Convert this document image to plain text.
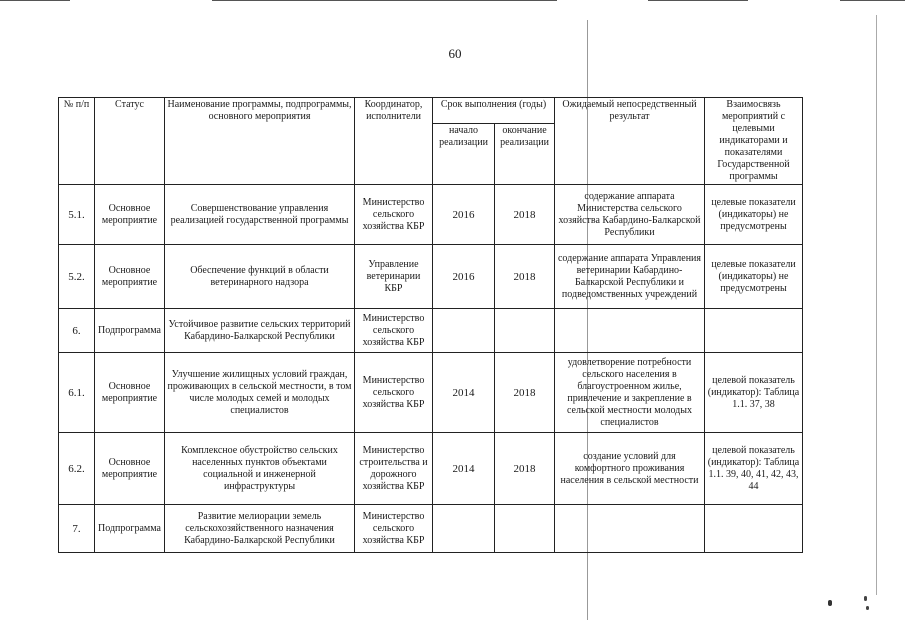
60
№ п/п	Статус	Наименование программы, подпрограммы, основного мероприятия	Координатор, исполнители	Срок выполнения (годы)		Ожидаемый непосредственный результат	Взаимосвязь мероприятий с целевыми индикаторами и показателями Государственной программы
				начало реализации	окончание реализации		
5.1.	Основное мероприятие	Совершенствование управления реализацией государственной программы	Министерство сельского хозяйства КБР	2016	2018	содержание аппарата Министерства сельского хозяйства Кабардино-Балкарской Республики	целевые показатели (индикаторы) не предусмотрены
5.2.	Основное мероприятие	Обеспечение функций в области ветеринарного надзора	Управление ветеринарии КБР	2016	2018	содержание аппарата Управления ветеринарии Кабардино-Балкарской Республики и подведомственных учреждений	целевые показатели (индикаторы) не предусмотрены
6.	Подпрограмма	Устойчивое развитие сельских территорий Кабардино-Балкарской Республики	Министерство сельского хозяйства КБР				
6.1.	Основное мероприятие	Улучшение жилищных условий граждан, проживающих в сельской местности, в том числе молодых семей и молодых специалистов	Министерство сельского хозяйства КБР	2014	2018	удовлетворение потребности сельского населения в благоустроенном жилье, привлечение и закрепление в сельской местности молодых специалистов	целевой показатель (индикатор): Таблица 1.1. 37, 38
6.2.	Основное мероприятие	Комплексное обустройство сельских населенных пунктов объектами социальной и инженерной инфраструктуры	Министерство строительства и дорожного хозяйства КБР	2014	2018	создание условий для комфортного проживания населения в сельской местности	целевой показатель (индикатор): Таблица 1.1. 39, 40, 41, 42, 43, 44
7.	Подпрограмма	Развитие мелиорации земель сельскохозяйственного назначения Кабардино-Балкарской Республики	Министерство сельского хозяйства КБР				
